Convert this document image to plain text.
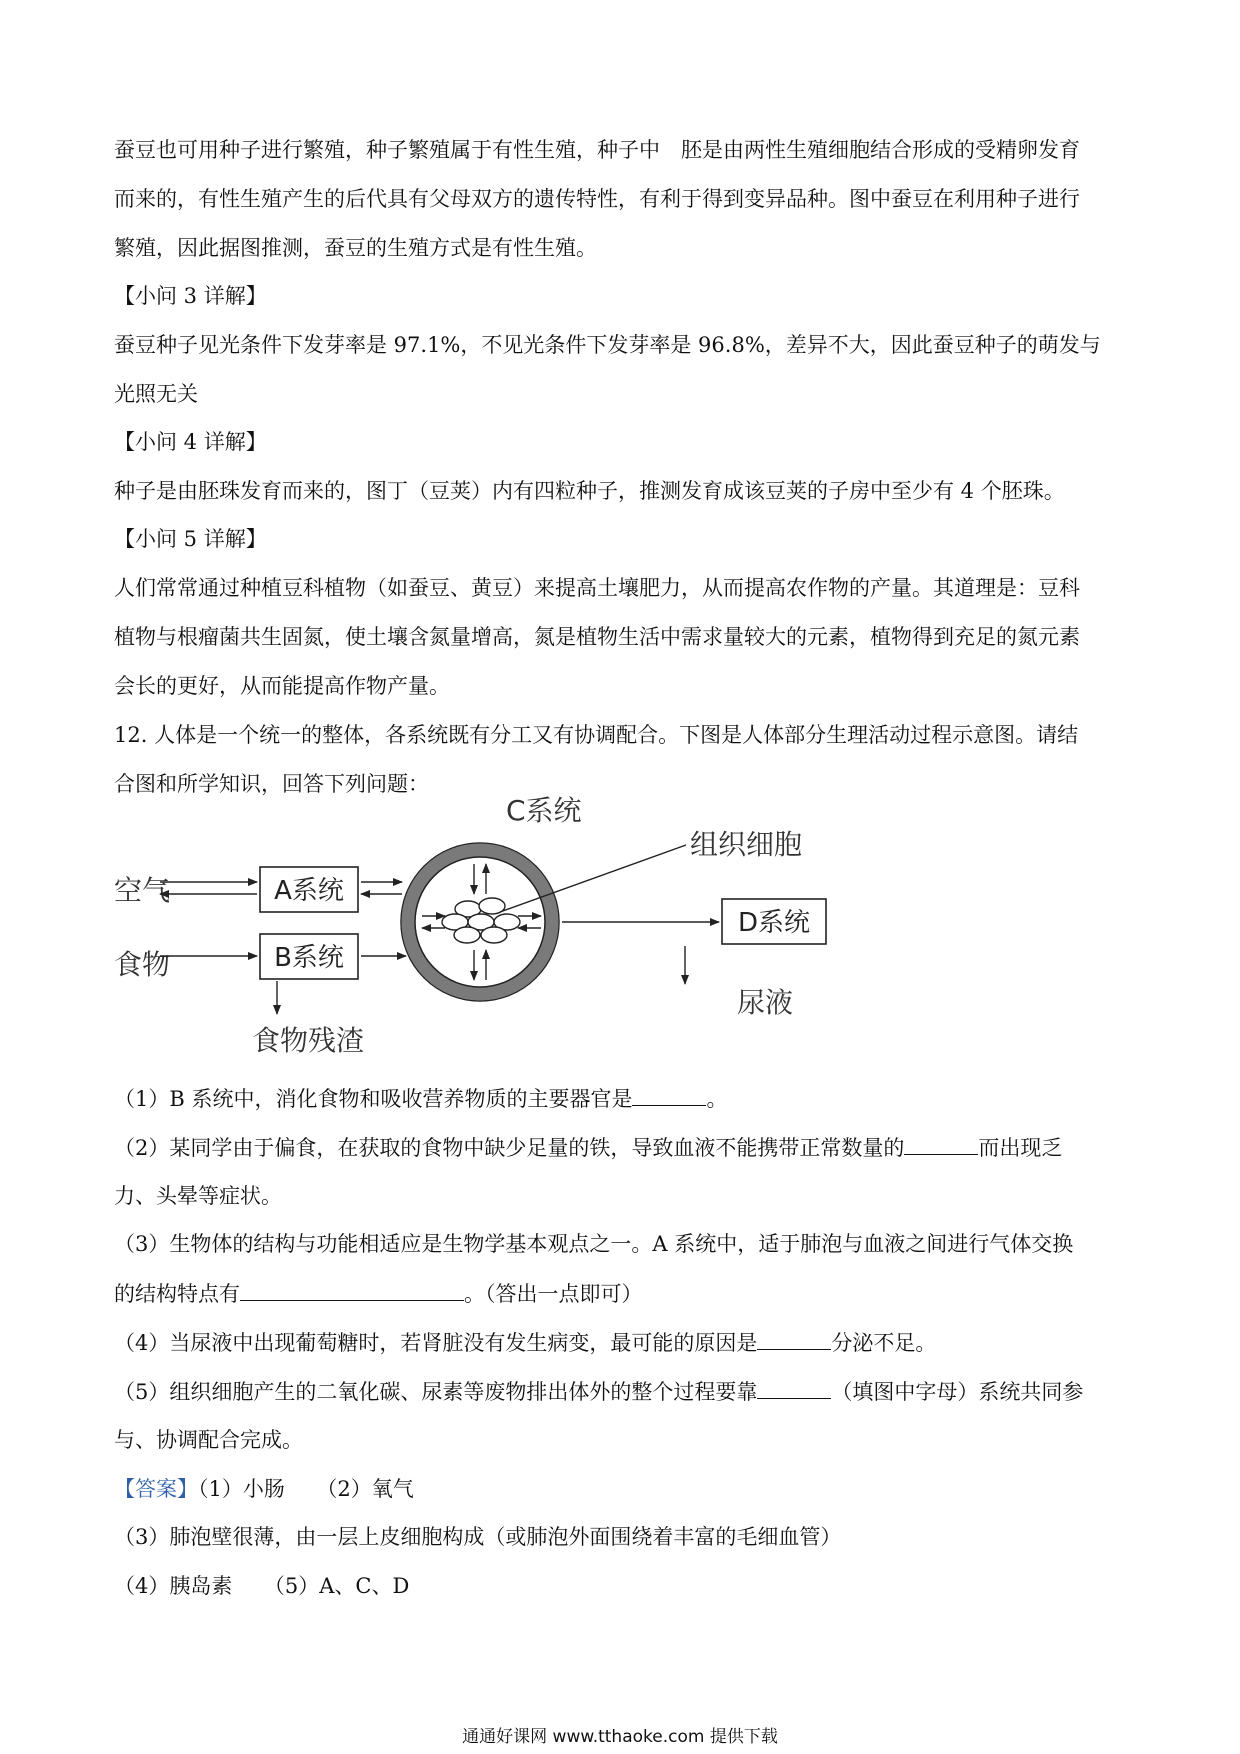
蚕豆也可用种子进行繁殖，种子繁殖属于有性生殖，种子中　胚是由两性生殖细胞结合形成的受精卵发育
而来的，有性生殖产生的后代具有父母双方的遗传特性，有利于得到变异品种。图中蚕豆在利用种子进行
繁殖，因此据图推测，蚕豆的生殖方式是有性生殖。
【小问 3 详解】
蚕豆种子见光条件下发芽率是 97.1%，不见光条件下发芽率是 96.8%，差异不大，因此蚕豆种子的萌发与
光照无关
【小问 4 详解】
种子是由胚珠发育而来的，图丁（豆荚）内有四粒种子，推测发育成该豆荚的子房中至少有 4 个胚珠。
【小问 5 详解】
人们常常通过种植豆科植物（如蚕豆、黄豆）来提高土壤肥力，从而提高农作物的产量。其道理是：豆科
植物与根瘤菌共生固氮，使土壤含氮量增高，氮是植物生活中需求量较大的元素，植物得到充足的氮元素
会长的更好，从而能提高作物产量。
12. 人体是一个统一的整体，各系统既有分工又有协调配合。下图是人体部分生理活动过程示意图。请结
合图和所学知识，回答下列问题：
C系统
组织细胞
空气
食物
尿液
食物残渣
A系统
B系统
D系统
（1）B 系统中，消化食物和吸收营养物质的主要器官是	。
（2）某同学由于偏食，在获取的食物中缺少足量的铁，导致血液不能携带正常数量的	而出现乏
力、头晕等症状。
（3）生物体的结构与功能相适应是生物学基本观点之一。A 系统中，适于肺泡与血液之间进行气体交换
的结构特点有	。（答出一点即可）
（4）当尿液中出现葡萄糖时，若肾脏没有发生病变，最可能的原因是	分泌不足。
（5）组织细胞产生的二氧化碳、尿素等废物排出体外的整个过程要靠	（填图中字母）系统共同参
与、协调配合完成。
【答案】（1）小肠　　（2）氧气
（3）肺泡壁很薄，由一层上皮细胞构成（或肺泡外面围绕着丰富的毛细血管）
（4）胰岛素　　（5）A、C、D
通通好课网 www.tthaoke.com 提供下载
